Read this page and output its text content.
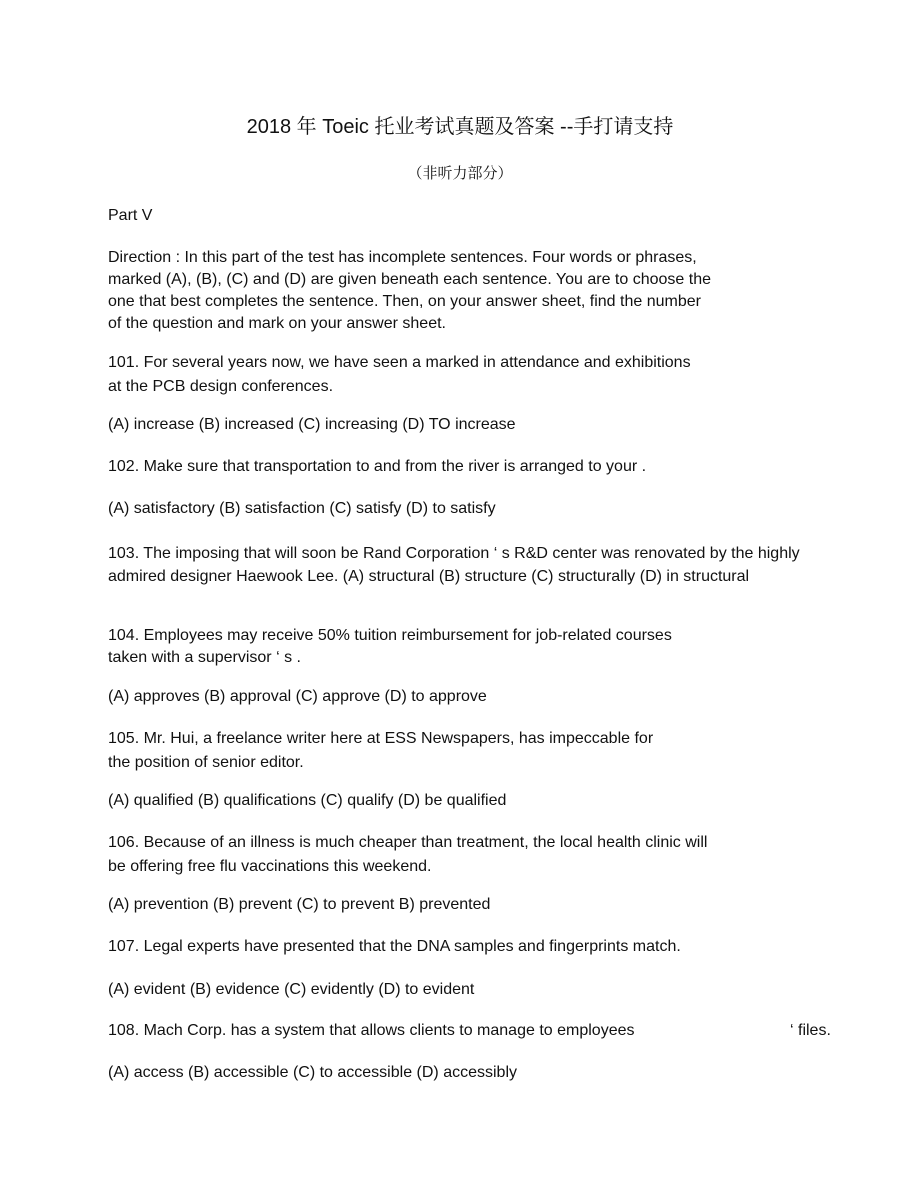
2018 年 Toeic 托业考试真题及答案 --手打请支持
（非听力部分）
Part V
Direction : In this part of the test has incomplete sentences. Four words or phrases,
marked (A), (B), (C) and (D) are given beneath each sentence. You are to choose the
one that best completes the sentence. Then, on your answer sheet, find the number
of the question and mark on your answer sheet.
101. For several years now, we have seen a marked in attendance and exhibitions
at the PCB design conferences.
(A) increase (B) increased (C) increasing (D) TO increase
102. Make sure that transportation to and from the river is arranged to your .
(A) satisfactory (B) satisfaction (C) satisfy (D) to satisfy
103. The imposing that will soon be Rand Corporation ‘ s R&D center was renovated by the highly
admired designer Haewook Lee. (A) structural (B) structure (C) structurally (D) in structural
104. Employees may receive 50% tuition reimbursement for job-related courses
taken with a supervisor ‘ s .
(A) approves (B) approval (C) approve (D) to approve
105. Mr. Hui, a freelance writer here at ESS Newspapers, has impeccable for
the position of senior editor.
(A) qualified (B) qualifications (C) qualify (D) be qualified
106. Because of an illness is much cheaper than treatment, the local health clinic will
be offering free flu vaccinations this weekend.
(A) prevention (B) prevent (C) to prevent B) prevented
107. Legal experts have presented that the DNA samples and fingerprints match.
(A) evident (B) evidence (C) evidently (D) to evident
108. Mach Corp. has a system that allows clients to manage to employees	‘ files.
(A) access (B) accessible (C) to accessible (D) accessibly
